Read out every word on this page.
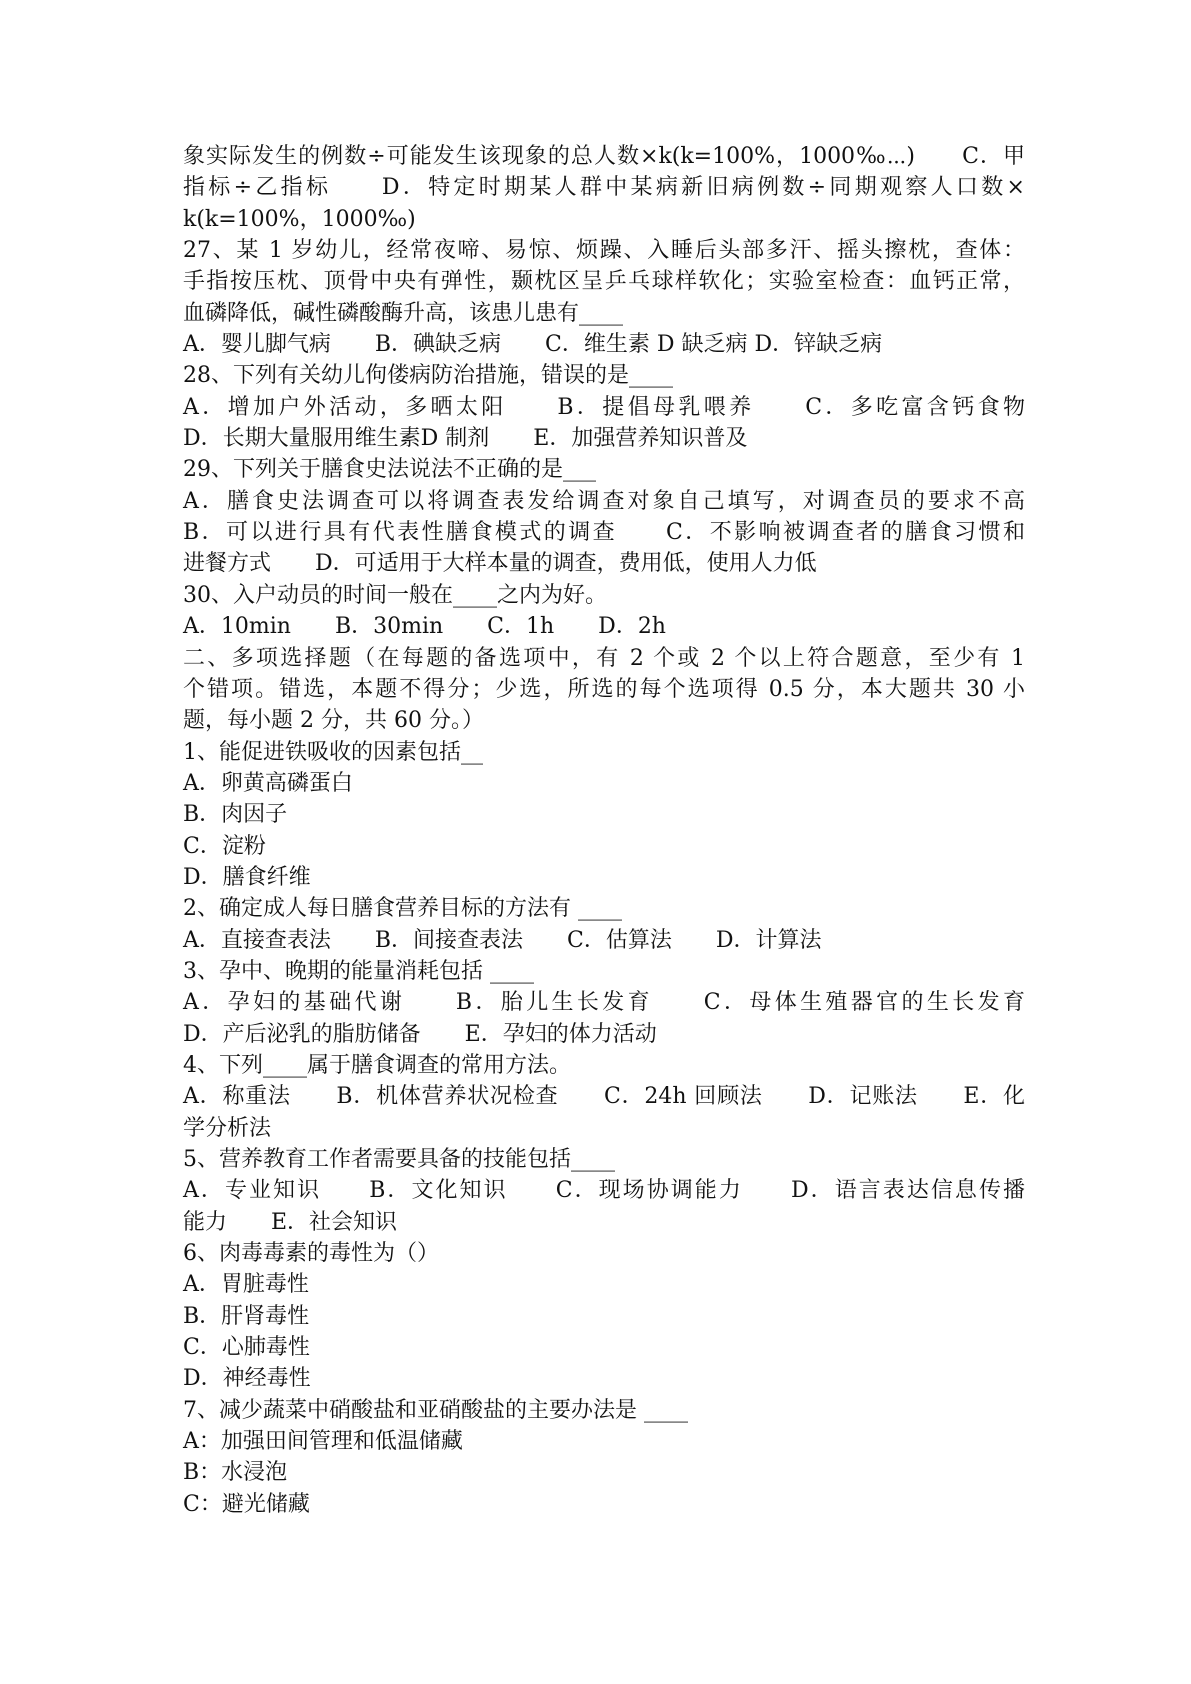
象实际发生的例数÷可能发生该现象的总人数×k(k=100%，1000‰⋯)　　C．甲
指标÷乙指标　　D．特定时期某人群中某病新旧病例数÷同期观察人口数×
k(k=100%，1000‰)
27、某 1 岁幼儿，经常夜啼、易惊、烦躁、入睡后头部多汗、摇头擦枕，查体：
手指按压枕、顶骨中央有弹性，颞枕区呈乒乓球样软化；实验室检查：血钙正常，
血磷降低，碱性磷酸酶升高，该患儿患有____
A．婴儿脚气病　　B．碘缺乏病　　C．维生素 D 缺乏病 D．锌缺乏病
28、下列有关幼儿佝偻病防治措施，错误的是____
A．增加户外活动，多晒太阳　　B．提倡母乳喂养　　C．多吃富含钙食物
D．长期大量服用维生素D 制剂　　E．加强营养知识普及
29、下列关于膳食史法说法不正确的是___
A．膳食史法调查可以将调查表发给调查对象自己填写，对调查员的要求不高
B．可以进行具有代表性膳食模式的调查　　C．不影响被调查者的膳食习惯和
进餐方式　　D．可适用于大样本量的调查，费用低，使用人力低
30、入户动员的时间一般在____之内为好。
A．10min　　B．30min　　C．1h　　D．2h
二、多项选择题（在每题的备选项中，有 2 个或 2 个以上符合题意，至少有 1
个错项。错选，本题不得分；少选，所选的每个选项得 0.5 分，本大题共 30 小
题，每小题 2 分，共 60 分。）
1、能促进铁吸收的因素包括__
A．卵黄高磷蛋白
B．肉因子
C．淀粉
D．膳食纤维
2、确定成人每日膳食营养目标的方法有 ____
A．直接查表法　　B．间接查表法　　C．估算法　　D．计算法
3、孕中、晚期的能量消耗包括 ____
A．孕妇的基础代谢　　B．胎儿生长发育　　C．母体生殖器官的生长发育
D．产后泌乳的脂肪储备　　E．孕妇的体力活动
4、下列____属于膳食调查的常用方法。
A．称重法　　B．机体营养状况检查　　C．24h 回顾法　　D．记账法　　E．化
学分析法
5、营养教育工作者需要具备的技能包括____
A．专业知识　　B．文化知识　　C．现场协调能力　　D．语言表达信息传播
能力　　E．社会知识
6、肉毒毒素的毒性为（）
A．胃脏毒性
B．肝肾毒性
C．心肺毒性
D．神经毒性
7、减少蔬菜中硝酸盐和亚硝酸盐的主要办法是 ____
A：加强田间管理和低温储藏
B：水浸泡
C：避光储藏
